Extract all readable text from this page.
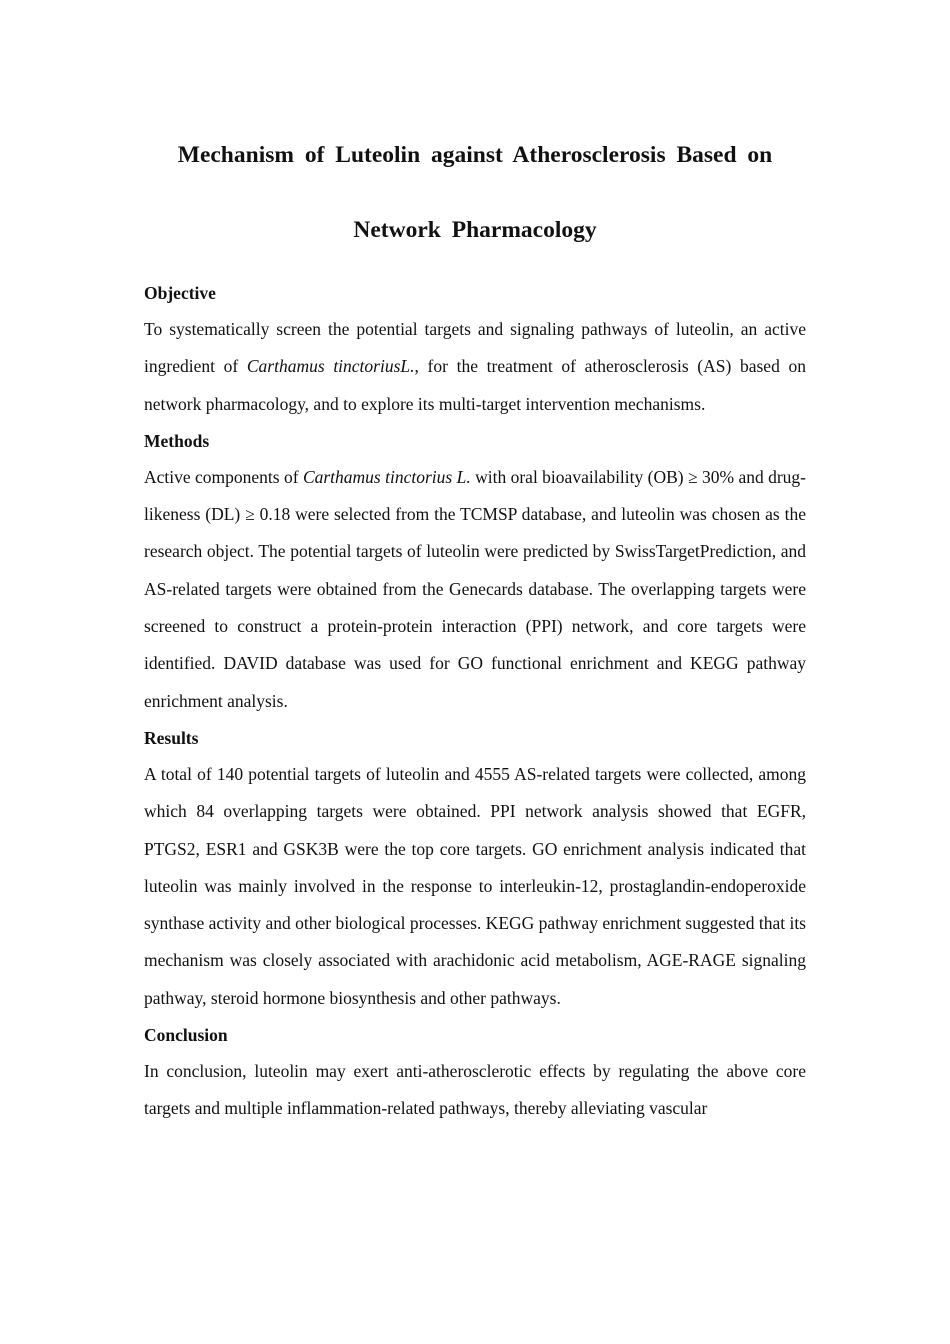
Mechanism of Luteolin against Atherosclerosis Based on
Network Pharmacology
Objective

To systematically screen the potential targets and signaling pathways of luteolin, an active ingredient of Carthamus tinctoriusL., for the treatment of atherosclerosis (AS) based on network pharmacology, and to explore its multi-target intervention mechanisms.

Methods

Active components of Carthamus tinctorius L. with oral bioavailability (OB) ≥ 30% and drug-likeness (DL) ≥ 0.18 were selected from the TCMSP database, and luteolin was chosen as the research object. The potential targets of luteolin were predicted by SwissTargetPrediction, and AS-related targets were obtained from the Genecards database. The overlapping targets were screened to construct a protein-protein interaction (PPI) network, and core targets were identified. DAVID database was used for GO functional enrichment and KEGG pathway enrichment analysis.

Results

A total of 140 potential targets of luteolin and 4555 AS-related targets were collected, among which 84 overlapping targets were obtained. PPI network analysis showed that EGFR, PTGS2, ESR1 and GSK3B were the top core targets. GO enrichment analysis indicated that luteolin was mainly involved in the response to interleukin-12, prostaglandin-endoperoxide synthase activity and other biological processes. KEGG pathway enrichment suggested that its mechanism was closely associated with arachidonic acid metabolism, AGE-RAGE signaling pathway, steroid hormone biosynthesis and other pathways.

Conclusion

In conclusion, luteolin may exert anti-atherosclerotic effects by regulating the above core targets and multiple inflammation-related pathways, thereby alleviating vascular
